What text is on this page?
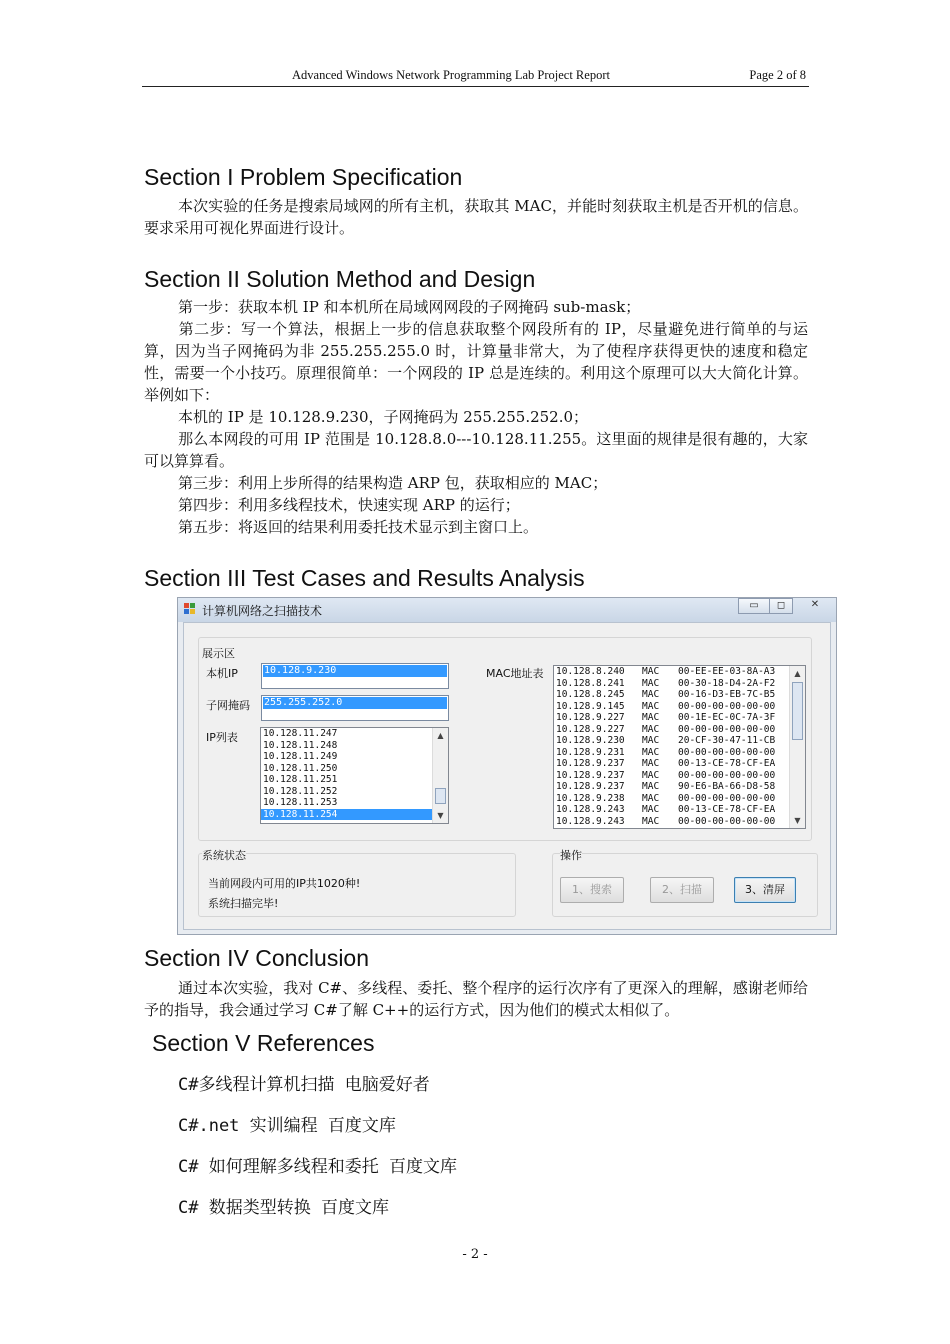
Advanced Windows Network Programming Lab Project Report	Page 2 of 8
Section I Problem Specification
本次实验的任务是搜索局域网的所有主机，获取其 MAC，并能时刻获取主机是否开机的信息。要求采用可视化界面进行设计。
Section II Solution Method and Design
第一步：获取本机 IP 和本机所在局域网网段的子网掩码 sub-mask；
第二步：写一个算法，根据上一步的信息获取整个网段所有的 IP，尽量避免进行简单的与运算，因为当子网掩码为非 255.255.255.0 时，计算量非常大，为了使程序获得更快的速度和稳定性，需要一个小技巧。原理很简单：一个网段的 IP 总是连续的。利用这个原理可以大大简化计算。举例如下：
本机的 IP 是 10.128.9.230，子网掩码为 255.255.252.0；
那么本网段的可用 IP 范围是 10.128.8.0---10.128.11.255。这里面的规律是很有趣的，大家可以算算看。
第三步：利用上步所得的结果构造 ARP 包，获取相应的 MAC；
第四步：利用多线程技术，快速实现 ARP 的运行；
第五步：将返回的结果利用委托技术显示到主窗口上。
Section III Test Cases and Results Analysis
计算机网络之扫描技术	▭	◻	✕
展示区
本机IP	10.128.9.230
子网掩码 255.255.252.0
IP列表	10.128.11.247
10.128.11.248
10.128.11.249
10.128.11.250
10.128.11.251
10.128.11.252
10.128.11.253
10.128.11.254
▲
▼
MAC地址表 10.128.8.240	MAC	00-EE-EE-03-8A-A3
10.128.8.241	MAC	00-30-18-D4-2A-F2
10.128.8.245	MAC	00-16-D3-EB-7C-B5
10.128.9.145	MAC	00-00-00-00-00-00
10.128.9.227	MAC	00-1E-EC-0C-7A-3F
10.128.9.227	MAC	00-00-00-00-00-00
10.128.9.230	MAC	20-CF-30-47-11-CB
10.128.9.231	MAC	00-00-00-00-00-00
10.128.9.237	MAC	00-13-CE-78-CF-EA
10.128.9.237	MAC	00-00-00-00-00-00
10.128.9.237	MAC	90-E6-BA-66-D8-58
10.128.9.238	MAC	00-00-00-00-00-00
10.128.9.243	MAC	00-13-CE-78-CF-EA
10.128.9.243	MAC	00-00-00-00-00-00
▲
▼
系统状态
当前网段内可用的IP共1020种!
系统扫描完毕!
操作
1、搜索	2、扫描	3、清屏
Section IV Conclusion
通过本次实验，我对 C#、多线程、委托、整个程序的运行次序有了更深入的理解，感谢老师给予的指导，我会通过学习 C#了解 C++的运行方式，因为他们的模式太相似了。
Section V References
C#多线程计算机扫描 电脑爱好者
C#.net 实训编程 百度文库
C# 如何理解多线程和委托 百度文库
C# 数据类型转换 百度文库
- 2 -
